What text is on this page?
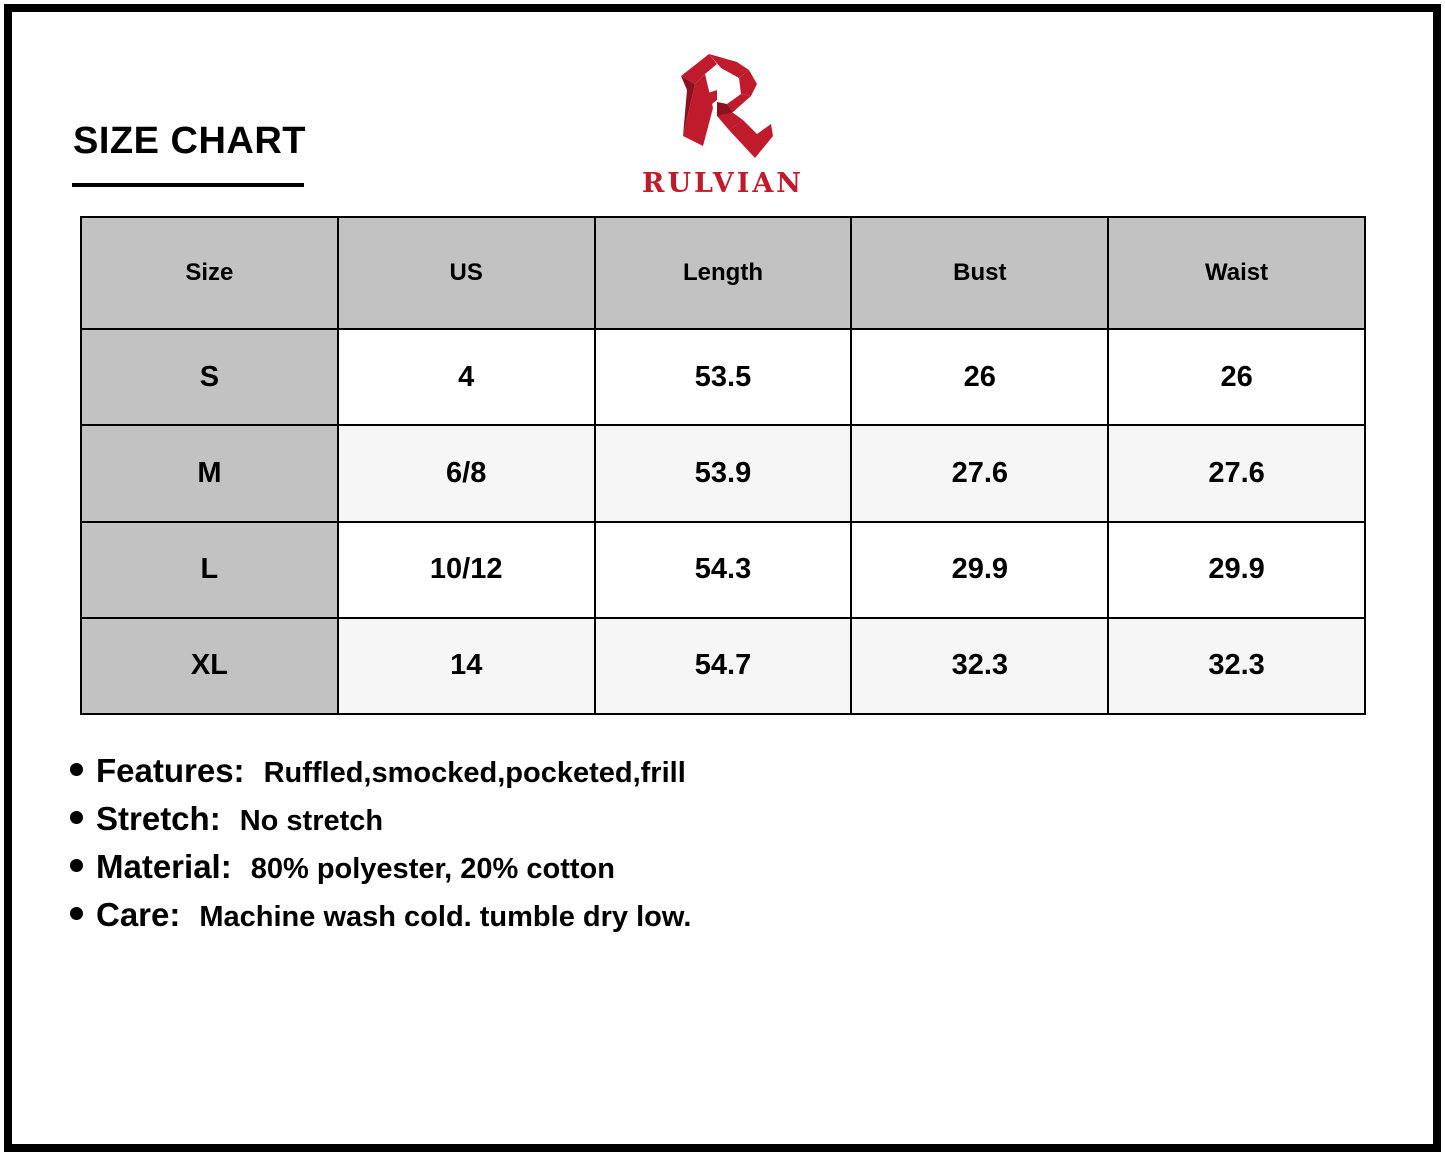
SIZE CHART
RULVIAN
Size	US	Length	Bust	Waist
S	4	53.5	26	26
M	6/8	53.9	27.6	27.6
L	10/12	54.3	29.9	29.9
XL	14	54.7	32.3	32.3
Features: Ruffled,smocked,pocketed,frill
Stretch: No stretch
Material: 80% polyester, 20% cotton
Care: Machine wash cold. tumble dry low.
